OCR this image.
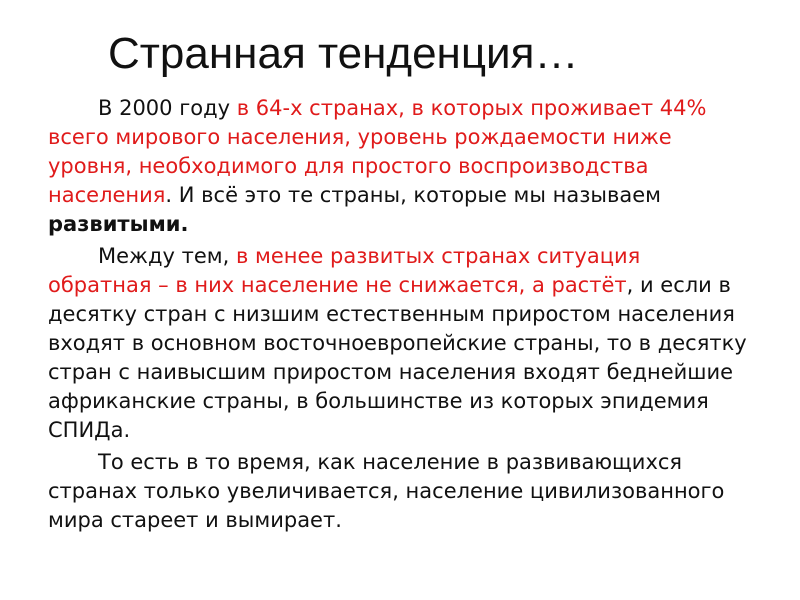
Странная тенденция…

В 2000 году в 64-х странах, в которых проживает 44% всего мирового населения, уровень рождаемости ниже уровня, необходимого для простого воспроизводства населения. И всё это те страны, которые мы называем развитыми.

Между тем, в менее развитых странах ситуация обратная – в них население не снижается, а растёт, и если в десятку стран с низшим естественным приростом населения входят в основном восточноевропейские страны, то в десятку стран с наивысшим приростом населения входят беднейшие африканские страны, в большинстве из которых эпидемия СПИДа.

То есть в то время, как население в развивающихся странах только увеличивается, население цивилизованного мира стареет и вымирает.
